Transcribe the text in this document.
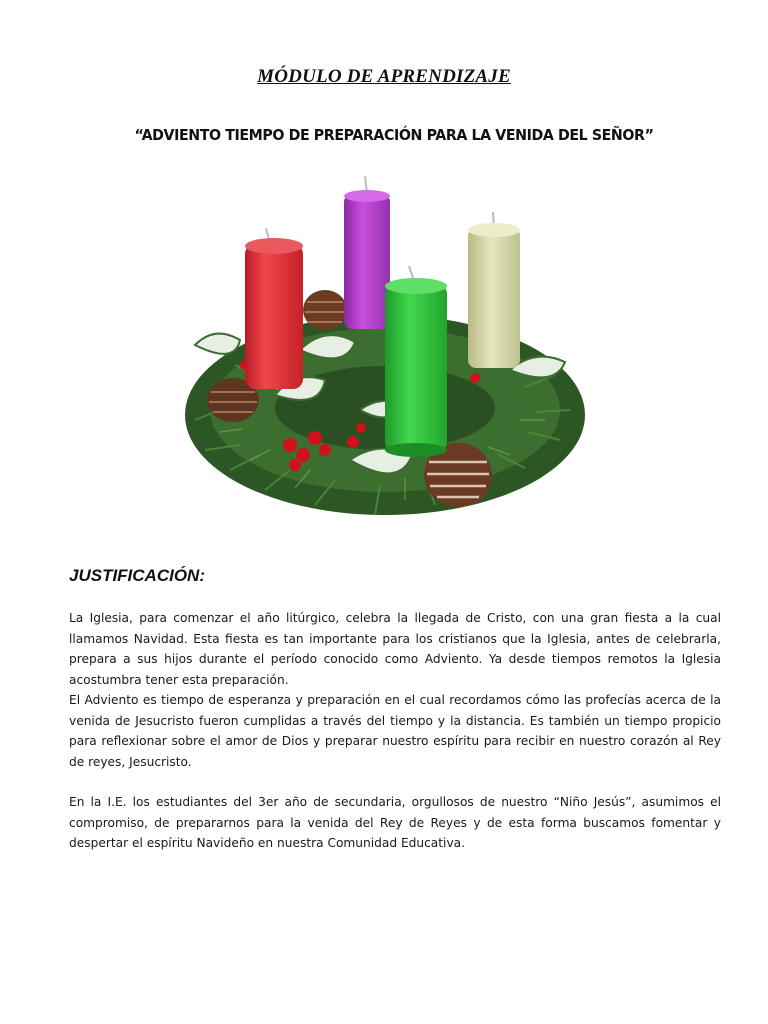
MÓDULO DE APRENDIZAJE
“ADVIENTO TIEMPO DE PREPARACIÓN PARA LA VENIDA DEL SEÑOR”
JUSTIFICACIÓN:

La Iglesia, para comenzar el año litúrgico, celebra la llegada de Cristo, con una gran fiesta a la cual llamamos Navidad. Esta fiesta es tan importante para los cristianos que la Iglesia, antes de celebrarla, prepara a sus hijos durante el período conocido como Adviento. Ya desde tiempos remotos la Iglesia acostumbra tener esta preparación.

El Adviento es tiempo de esperanza y preparación en el cual recordamos cómo las profecías acerca de la venida de Jesucristo fueron cumplidas a través del tiempo y la distancia. Es también un tiempo propicio para reflexionar sobre el amor de Dios y preparar nuestro espíritu para recibir en nuestro corazón al Rey de reyes, Jesucristo.

En la I.E. los estudiantes del 3er año de secundaria, orgullosos de nuestro “Niño Jesús”, asumimos el compromiso, de prepararnos para la venida del Rey de Reyes y de esta forma buscamos fomentar y despertar el espíritu Navideño en nuestra Comunidad Educativa.
